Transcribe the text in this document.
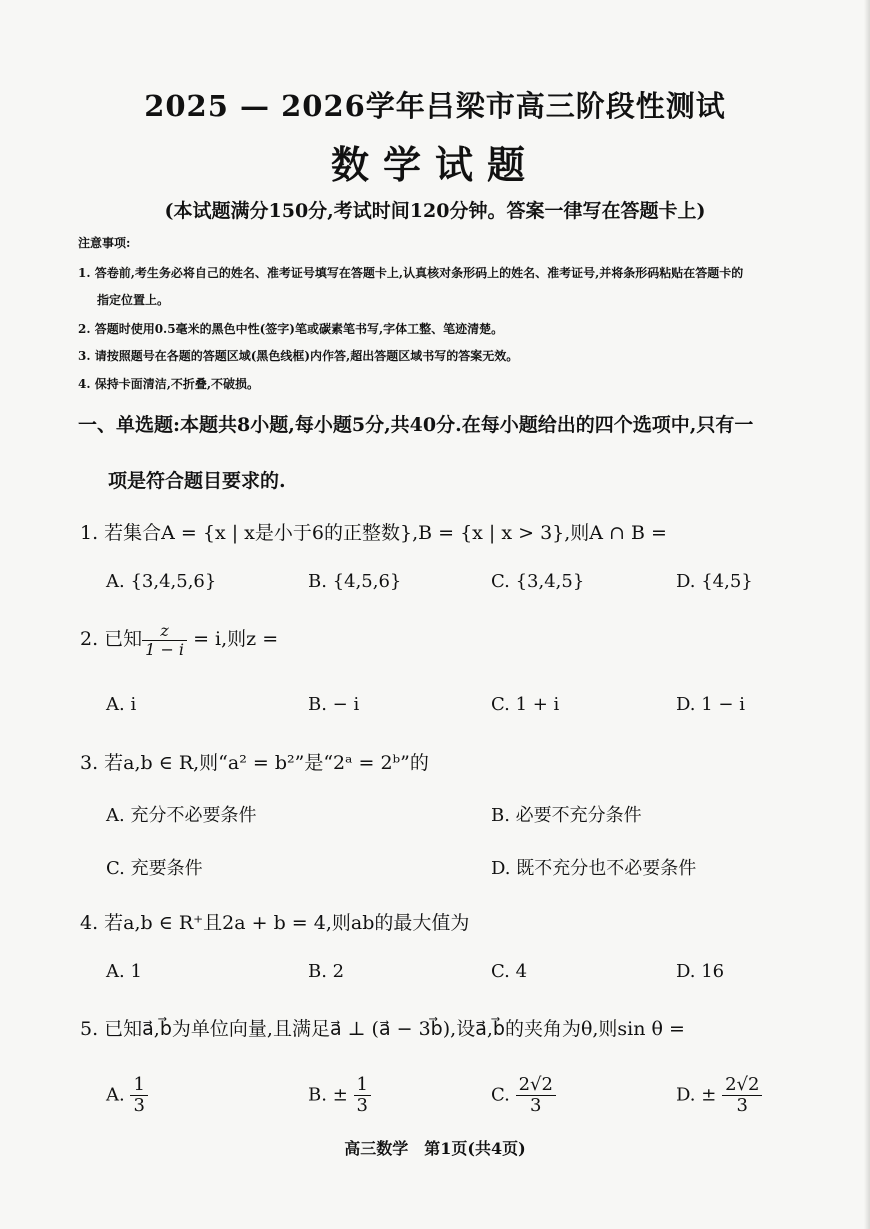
2025 — 2026学年吕梁市高三阶段性测试
数学试题
(本试题满分150分,考试时间120分钟。答案一律写在答题卡上)
注意事项:
1. 答卷前,考生务必将自己的姓名、准考证号填写在答题卡上,认真核对条形码上的姓名、准考证号,并将条形码粘贴在答题卡的
指定位置上。
2. 答题时使用0.5毫米的黑色中性(签字)笔或碳素笔书写,字体工整、笔迹清楚。
3. 请按照题号在各题的答题区域(黑色线框)内作答,超出答题区域书写的答案无效。
4. 保持卡面清洁,不折叠,不破损。
一、单选题:本题共8小题,每小题5分,共40分.在每小题给出的四个选项中,只有一
项是符合题目要求的.
1. 若集合A = {x | x是小于6的正整数},B = {x | x > 3},则A ∩ B =
A. {3,4,5,6}	B. {4,5,6}	C. {3,4,5}	D. {4,5}
2. 已知 $\frac{z}{1 - i} = i$,则z =
A. i	B. − i	C. 1 + i	D. 1 − i
3. 若a,b ∈ R,则“a² = b²”是“2ᵃ = 2ᵇ”的
A. 充分不必要条件	B. 必要不充分条件
C. 充要条件	D. 既不充分也不必要条件
4. 若a,b ∈ R⁺且2a + b = 4,则ab的最大值为
A. 1	B. 2	C. 4	D. 16
5. 已知a⃗,b⃗为单位向量,且满足a⃗ ⊥ (a⃗ − 3b⃗),设a⃗,b⃗的夹角为θ,则sin θ =
A. $\frac{1}{3}$	B. ± $\frac{1}{3}$	C. $\frac{2√2}{3}$	D. ± $\frac{2√2}{3}$
高三数学　第1页(共4页)
